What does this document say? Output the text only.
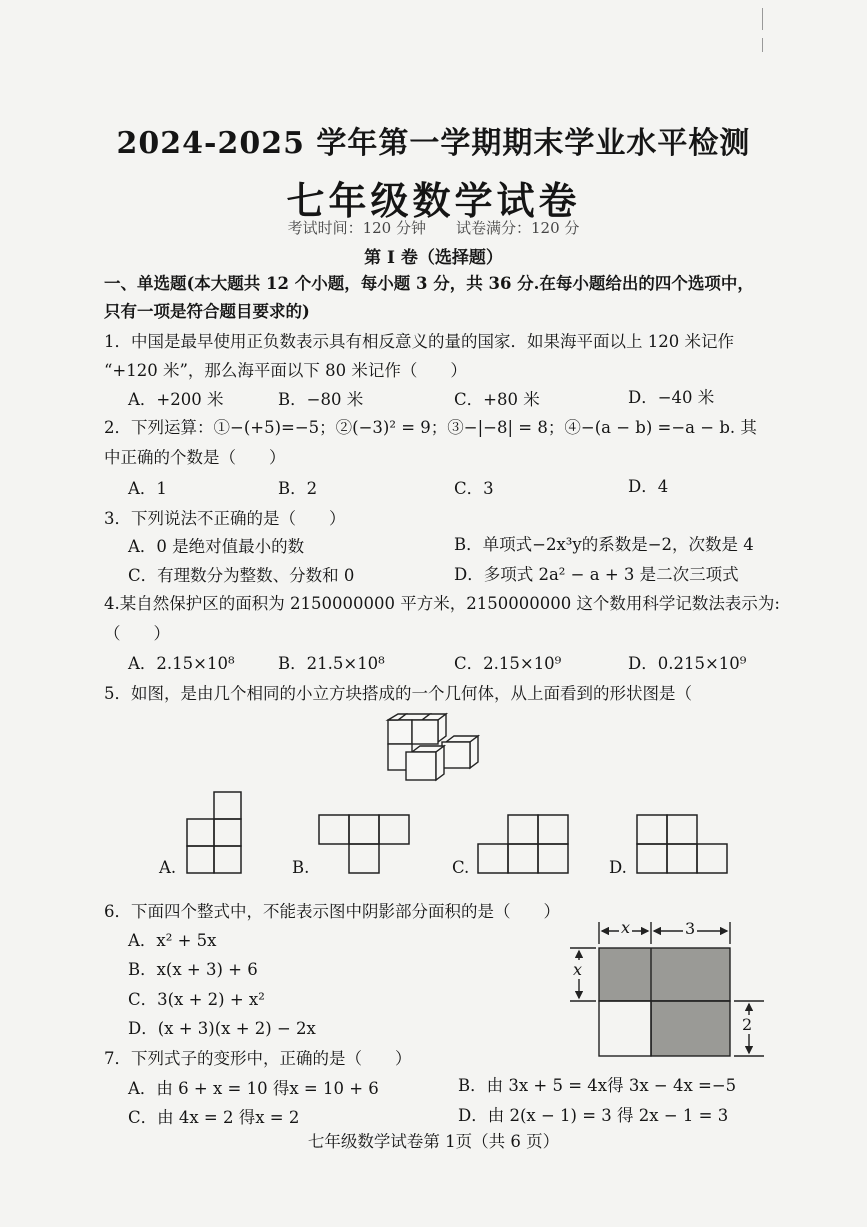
2024-2025 学年第一学期期末学业水平检测
七年级数学试卷
考试时间：120 分钟　　试卷满分：120 分
第 I 卷（选择题）
一、单选题(本大题共 12 个小题，每小题 3 分，共 36 分.在每小题给出的四个选项中，
只有一项是符合题目要求的)
1．中国是最早使用正负数表示具有相反意义的量的国家．如果海平面以上 120 米记作
“+120 米”，那么海平面以下 80 米记作（　　）
A．+200 米	B．−80 米	C．+80 米	D．−40 米
2．下列运算：①−(+5)=−5；②(−3)² = 9；③−|−8| = 8；④−(a − b) =−a − b. 其
中正确的个数是（　　）
A．1	B．2	C．3	D．4
3．下列说法不正确的是（　　）
A．0 是绝对值最小的数	B．单项式−2x³y的系数是−2，次数是 4
C．有理数分为整数、分数和 0	D．多项式 2a² − a + 3 是二次三项式
4.某自然保护区的面积为 2150000000 平方米，2150000000 这个数用科学记数法表示为:
（　　）
A．2.15×10⁸	B．21.5×10⁸	C．2.15×10⁹	D．0.215×10⁹
5．如图，是由几个相同的小立方块搭成的一个几何体，从上面看到的形状图是（
A.	B.	C.	D.
6．下面四个整式中，不能表示图中阴影部分面积的是（　　）
A．x² + 5x
B．x(x + 3) + 6
C．3(x + 2) + x²
D．(x + 3)(x + 2) − 2x
x	3
x
2
7．下列式子的变形中，正确的是（　　）
A．由 6 + x = 10 得x = 10 + 6	B．由 3x + 5 = 4x得 3x − 4x =−5
C．由 4x = 2 得x = 2	D．由 2(x − 1) = 3 得 2x − 1 = 3
七年级数学试卷第 1页（共 6 页）
